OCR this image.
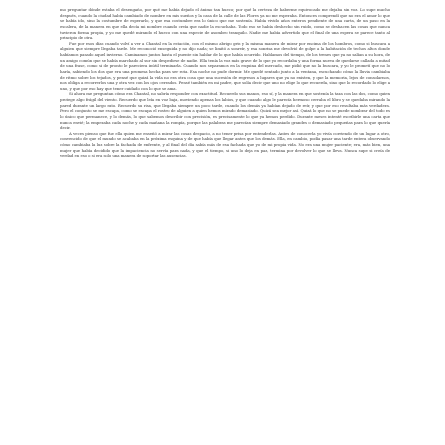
mo preguntar dónde estaba el desengaño, por qué me había dejado el ánimo tan hueco; por qué la certeza de haberme equivocado me dejaba sin voz. Lo supe mucho después, cuando la ciudad había cambiado de nombre en mis sueños y la casa de la calle de las Flores ya no me esperaba. Entonces comprendí que no era el amor lo que se había ido, sino la costumbre de esperarlo, y que esa costumbre era lo único que me sostenía. Había vivido años enteros pendiente de una carta, de un paso en la escalera, de la manera en que ella decía mi nombre cuando creía que nadie la escuchaba. Todo eso se había deshecho sin ruido, como se deshacen las cosas que nunca tuvieron forma propia, y yo me quedé mirando el hueco con una especie de asombro tranquilo. Nadie me había advertido que el final de una espera se parece tanto al principio de otra.

Fue por esos días cuando volví a ver a Chantal en la estación, con el mismo abrigo gris y la misma manera de mirar por encima de los hombros, como si buscara a alguien que siempre llegaba tarde. Me reconoció enseguida y no dijo nada; se limitó a sonreír, y esa sonrisa me devolvió de golpe a la habitación de techos altos donde habíamos pasado aquel invierno. Caminamos juntos hasta el puente sin hablar de lo que había ocurrido. Hablamos del tiempo, de los trenes que ya no salían a su hora, de un amigo común que se había marchado al sur sin despedirse de nadie. Ella tenía la voz más grave de lo que yo recordaba y una forma nueva de quedarse callada a mitad de una frase, como si de pronto le pareciera inútil terminarla. Cuando nos separamos en la esquina del mercado, me pidió que no la buscara, y yo le prometí que no lo haría, sabiendo los dos que era una promesa hecha para ser rota. Esa noche no pude dormir. Me quedé sentado junto a la ventana, escuchando cómo la lluvia cambiaba de ritmo sobre los tejados, y pensé que quizá la vida no era otra cosa que una sucesión de regresos a lugares que ya no existen, y que la memoria, lejos de consolarnos, nos obliga a recorrerlos una y otra vez con los ojos cerrados. Pensé también en mi padre, que solía decir que uno no elige lo que recuerda, sino que lo recordado lo elige a uno, y que por eso hay que tener cuidado con lo que se ama.

Si ahora me preguntan cómo era Chantal, no sabría responder con exactitud. Recuerdo sus manos, eso sí, y la manera en que sostenía la taza con las dos, como quien protege algo frágil del viento. Recuerdo que leía en voz baja, moviendo apenas los labios, y que cuando algo le parecía hermoso cerraba el libro y se quedaba mirando la pared durante un largo rato. Recuerdo su risa, que llegaba siempre un poco tarde, cuando los demás ya habían dejado de reír, y que por eso resultaba más verdadera. Pero el conjunto se me escapa, como se escapa el rostro de alguien a quien hemos mirado demasiado. Quizá sea mejor así. Quizá lo que no se puede nombrar del todo es lo único que permanece, y lo demás, lo que sabemos describir con precisión, es precisamente lo que ya hemos perdido. Durante meses intenté escribirle una carta que nunca envié; la empezaba cada noche y cada mañana la rompía, porque las palabras me parecían siempre demasiado grandes o demasiado pequeñas para lo que quería decir.

A veces pienso que fue ella quien me enseñó a mirar las cosas despacio, a no tener prisa por entenderlas. Antes de conocerla yo vivía corriendo de un lugar a otro, convencido de que el mundo se acababa en la próxima esquina y de que había que llegar antes que los demás. Ella, en cambio, podía pasar una tarde entera observando cómo cambiaba la luz sobre la fachada de enfrente, y al final del día sabía más de esa fachada que yo de mi propia vida. No era una mujer paciente; era, más bien, una mujer que había decidido que la impaciencia no servía para nada, y que el tiempo, si uno lo deja en paz, termina por devolver lo que se lleva. Nunca supe si creía de verdad en eso o si era solo una manera de soportar las ausencias.
